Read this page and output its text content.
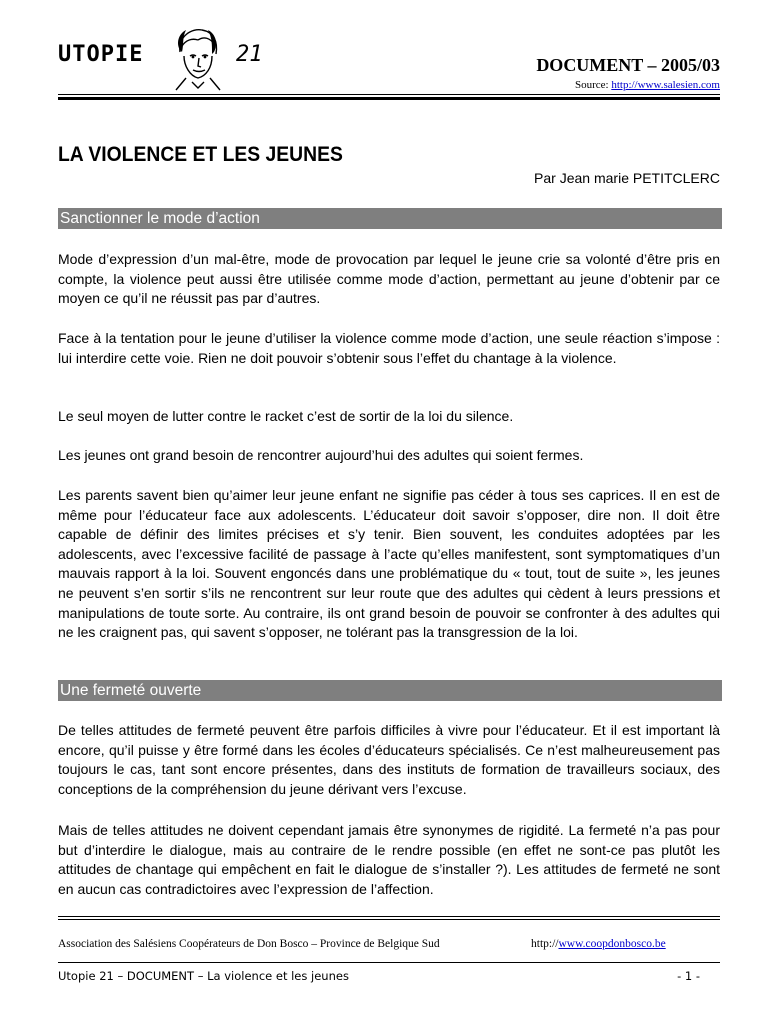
UTOPIE	21	DOCUMENT – 2005/03
Source: http://www.salesien.com
LA VIOLENCE ET LES JEUNES
Par Jean marie PETITCLERC
Sanctionner le mode d’action

Mode d’expression d’un mal-être, mode de provocation par lequel le jeune crie sa volonté d’être pris en compte, la violence peut aussi être utilisée comme mode d’action, permettant au jeune d’obtenir par ce moyen ce qu’il ne réussit pas par d’autres.

Face à la tentation pour le jeune d’utiliser la violence comme mode d’action, une seule réaction s’impose : lui interdire cette voie. Rien ne doit pouvoir s’obtenir sous l’effet du chantage à la violence.

Le seul moyen de lutter contre le racket c’est de sortir de la loi du silence.

Les jeunes ont grand besoin de rencontrer aujourd’hui des adultes qui soient fermes.

Les parents savent bien qu’aimer leur jeune enfant ne signifie pas céder à tous ses caprices. Il en est de même pour l’éducateur face aux adolescents. L’éducateur doit savoir s’opposer, dire non. Il doit être capable de définir des limites précises et s’y tenir. Bien souvent, les conduites adoptées par les adolescents, avec l’excessive facilité de passage à l’acte qu’elles manifestent, sont symptomatiques d’un mauvais rapport à la loi. Souvent engoncés dans une problématique du « tout, tout de suite », les jeunes ne peuvent s’en sortir s’ils ne rencontrent sur leur route que des adultes qui cèdent à leurs pressions et manipulations de toute sorte. Au contraire, ils ont grand besoin de pouvoir se confronter à des adultes qui ne les craignent pas, qui savent s’opposer, ne tolérant pas la transgression de la loi.

Une fermeté ouverte

De telles attitudes de fermeté peuvent être parfois difficiles à vivre pour l’éducateur. Et il est important là encore, qu’il puisse y être formé dans les écoles d’éducateurs spécialisés. Ce n’est malheureusement pas toujours le cas, tant sont encore présentes, dans des instituts de formation de travailleurs sociaux, des conceptions de la compréhension du jeune dérivant vers l’excuse.

Mais de telles attitudes ne doivent cependant jamais être synonymes de rigidité. La fermeté n’a pas pour but d’interdire le dialogue, mais au contraire de le rendre possible (en effet ne sont-ce pas plutôt les attitudes de chantage qui empêchent en fait le dialogue de s’installer ?). Les attitudes de fermeté ne sont en aucun cas contradictoires avec l’expression de l’affection.

Association des Salésiens Coopérateurs de Don Bosco – Province de Belgique Sud	http://www.coopdonbosco.be
Utopie 21 – DOCUMENT – La violence et les jeunes	- 1 -
